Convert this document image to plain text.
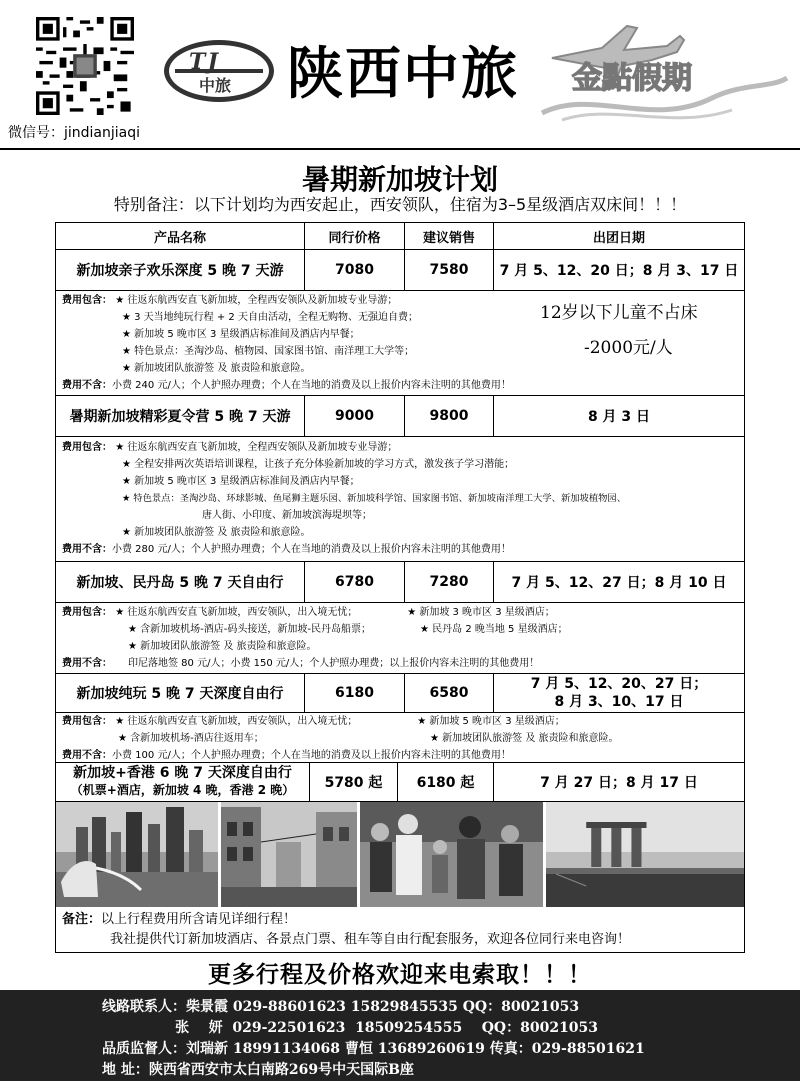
微信号：jindianjiaqi
TJ
中旅 陕西中旅 金點假期
暑期新加坡计划
特别备注：以下计划均为西安起止，西安领队，住宿为3–5星级酒店双床间！！！
产品名称	同行价格	建议销售	出团日期
新加坡亲子欢乐深度 5 晚 7 天游	7080	7580	7 月 5、12、20 日；8 月 3、17 日
费用包含： ★ 往返东航西安直飞新加坡，全程西安领队及新加坡专业导游；
★ 3 天当地纯玩行程 + 2 天自由活动，全程无购物、无强迫自费；
★ 新加坡 5 晚市区 3 星级酒店标准间及酒店内早餐；
★ 特色景点：圣淘沙岛、植物园、国家图书馆、南洋理工大学等；
★ 新加坡团队旅游签 及 旅责险和旅意险。
费用不含：小费 240 元/人；个人护照办理费；个人在当地的消费及以上报价内容未注明的其他费用！
12岁以下儿童不占床
-2000元/人
暑期新加坡精彩夏令营 5 晚 7 天游	9000	9800	8 月 3 日
费用包含： ★ 往返东航西安直飞新加坡，全程西安领队及新加坡专业导游；
★ 全程安排两次英语培训课程，让孩子充分体验新加坡的学习方式，激发孩子学习潜能；
★ 新加坡 5 晚市区 3 星级酒店标准间及酒店内早餐；
★ 特色景点：圣淘沙岛、环球影城、鱼尾狮主题乐园、新加坡科学馆、国家图书馆、新加坡南洋理工大学、新加坡植物园、
唐人街、小印度、新加坡滨海堤坝等；
★ 新加坡团队旅游签 及 旅责险和旅意险。
费用不含：小费 280 元/人；个人护照办理费；个人在当地的消费及以上报价内容未注明的其他费用！
新加坡、民丹岛 5 晚 7 天自由行	6780	7280	7 月 5、12、27 日；8 月 10 日
费用包含： ★ 往返东航西安直飞新加坡，西安领队，出入境无忧；	★ 新加坡 3 晚市区 3 星级酒店；
★ 含新加坡机场-酒店-码头接送，新加坡-民丹岛船票；	★ 民丹岛 2 晚当地 5 星级酒店；
★ 新加坡团队旅游签 及 旅责险和旅意险。
费用不含： 印尼落地签 80 元/人；小费 150 元/人；个人护照办理费；以上报价内容未注明的其他费用！
新加坡纯玩 5 晚 7 天深度自由行	6180	6580
7 月 5、12、20、27 日；
8 月 3、10、17 日
费用包含： ★ 往返东航西安直飞新加坡，西安领队，出入境无忧；	★ 新加坡 5 晚市区 3 星级酒店；
★ 含新加坡机场-酒店往返用车；	★ 新加坡团队旅游签 及 旅责险和旅意险。
费用不含：小费 100 元/人；个人护照办理费；个人在当地的消费及以上报价内容未注明的其他费用！
新加坡+香港 6 晚 7 天深度自由行
（机票+酒店，新加坡 4 晚，香港 2 晚）	5780 起	6180 起	7 月 27 日；8 月 17 日
备注：以上行程费用所含请见详细行程！
我社提供代订新加坡酒店、各景点门票、租车等自由行配套服务，欢迎各位同行来电咨询！
更多行程及价格欢迎来电索取！！！
线路联系人：柴景霞 029-88601623 15829845535 QQ：80021053
张    妍  029-22501623  18509254555    QQ：80021053
品质监督人：刘瑞新 18991134068 曹恒 13689260619 传真：029-88501621
地 址：陕西省西安市太白南路269号中天国际B座
